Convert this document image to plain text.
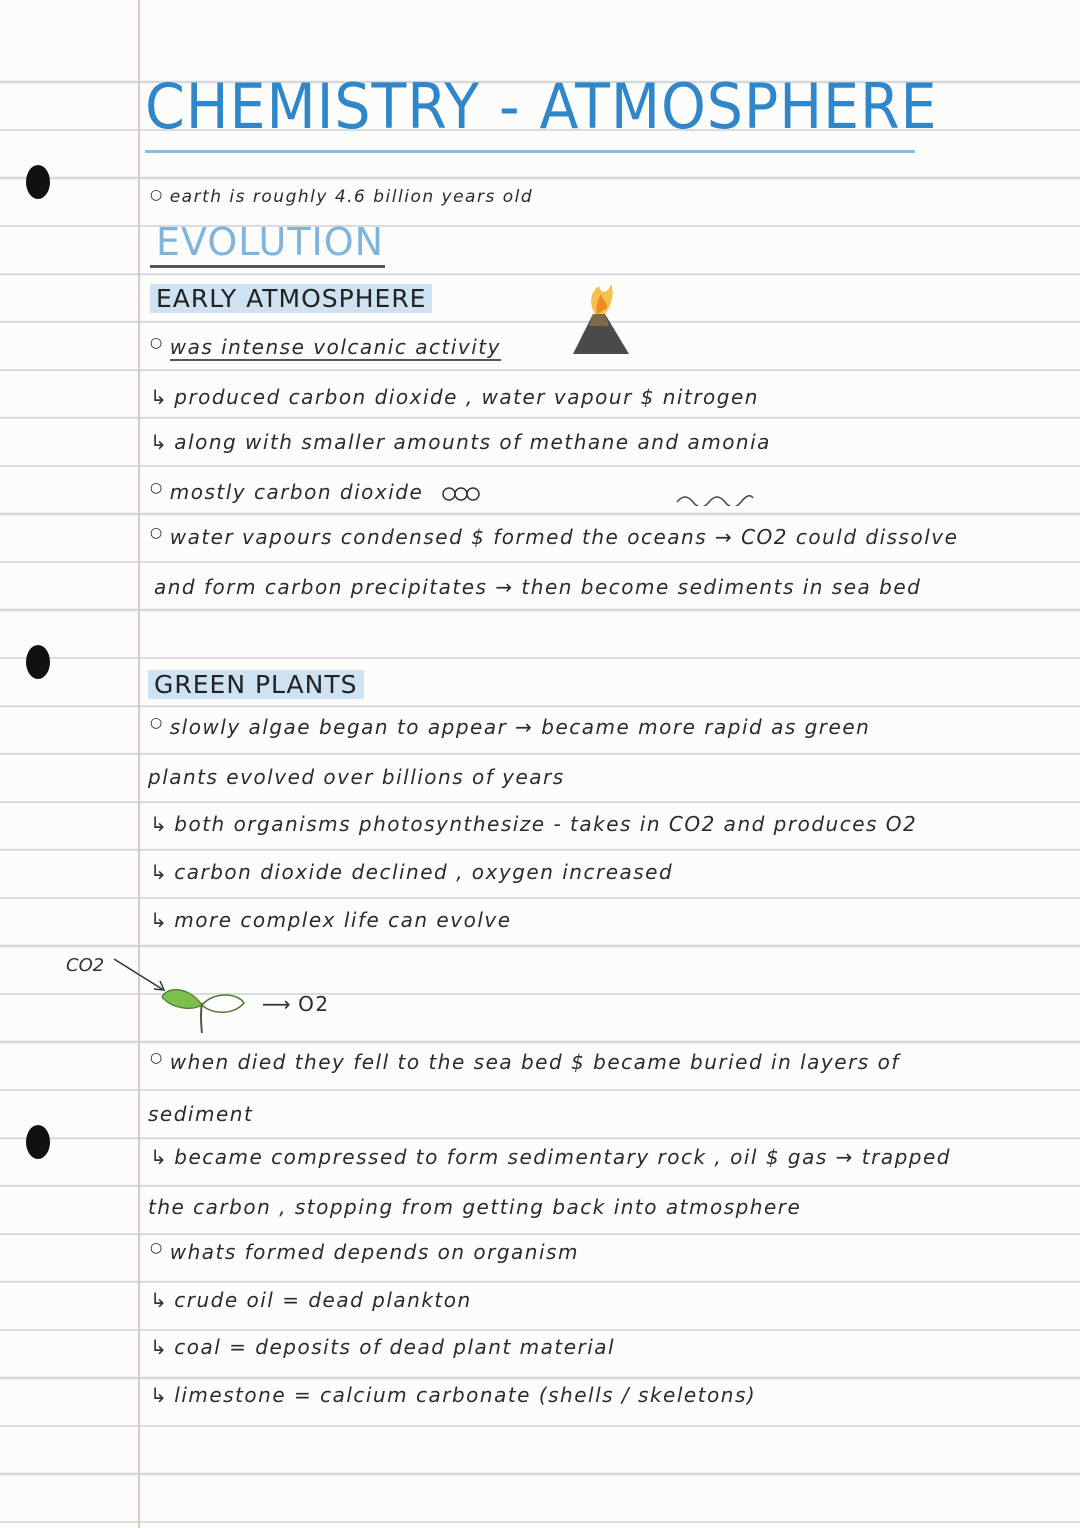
CHEMISTRY - ATMOSPHERE
○ earth is roughly 4.6 billion years old
EVOLUTION
EARLY ATMOSPHERE
○ was intense volcanic activity
↳ produced carbon dioxide , water vapour $ nitrogen
↳ along with smaller amounts of methane and amonia
○ mostly carbon dioxide
○ water vapours condensed $ formed the oceans → CO2 could dissolve
and form carbon precipitates → then become sediments in sea bed
GREEN PLANTS
○ slowly algae began to appear → became more rapid as green
plants evolved over billions of years
↳ both organisms photosynthesize - takes in CO2 and produces O2
↳ carbon dioxide declined , oxygen increased
↳ more complex life can evolve
CO2
⟶ O2
○ when died they fell to the sea bed $ became buried in layers of
sediment
↳ became compressed to form sedimentary rock , oil $ gas → trapped
the carbon , stopping from getting back into atmosphere
○ whats formed depends on organism
↳ crude oil = dead plankton
↳ coal = deposits of dead plant material
↳ limestone = calcium carbonate (shells / skeletons)
